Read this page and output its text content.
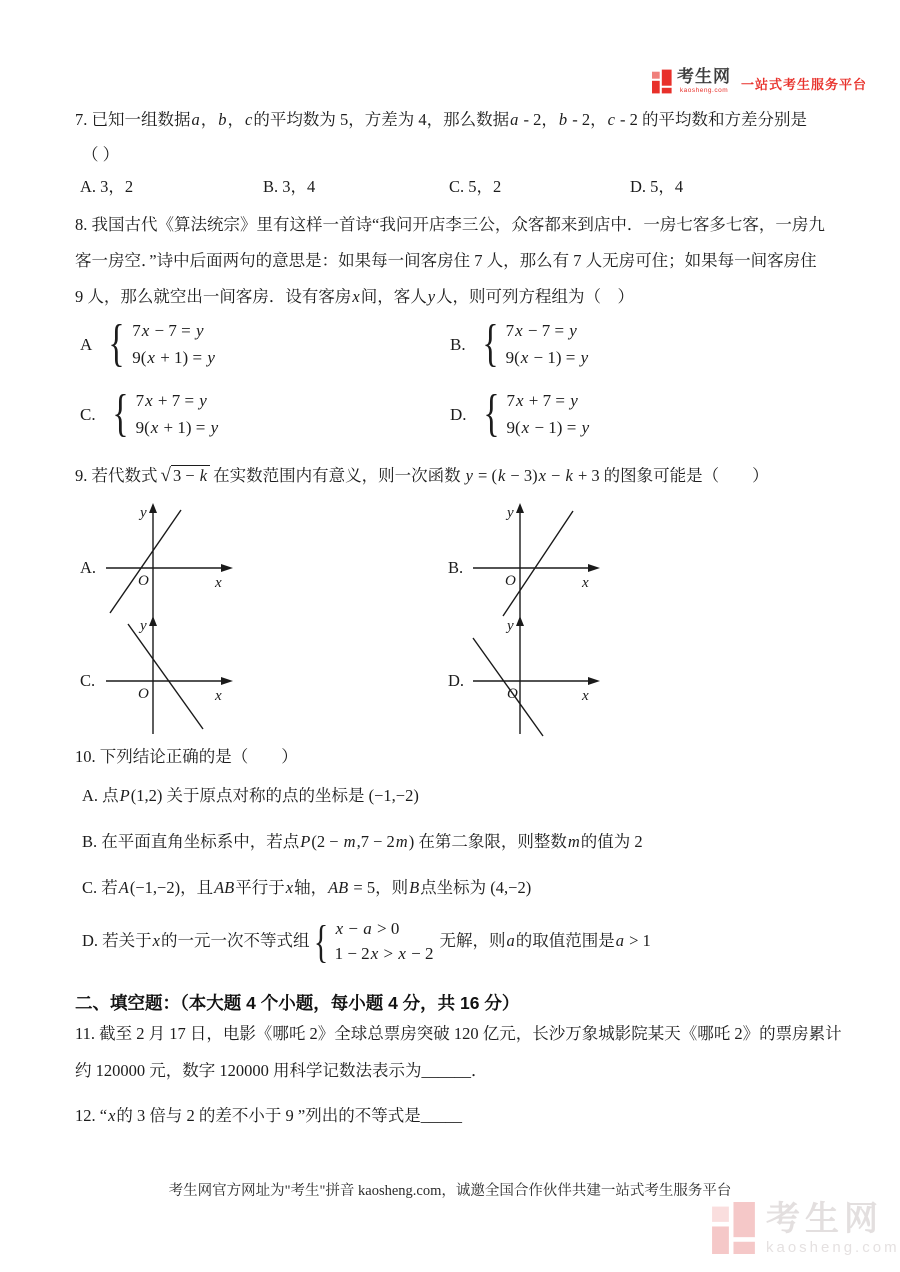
考生网
kaosheng.com 一站式考生服务平台
7. 已知一组数据a，b，c的平均数为 5，方差为 4，那么数据a - 2，b - 2，c - 2 的平均数和方差分别是
（ ）
A. 3，2	B. 3，4	C. 5，2	D. 5，4
8. 我国古代《算法统宗》里有这样一首诗“我问开店李三公，众客都来到店中．一房七客多七客，一房九
客一房空．”诗中后面两句的意思是：如果每一间客房住 7 人，那么有 7 人无房可住；如果每一间客房住
9 人，那么就空出一间客房．设有客房x间，客人y人，则可列方程组为（　）
A { 7x − 7 = y
9(x + 1) = y
B. { 7x − 7 = y
9(x − 1) = y
C. { 7x + 7 = y
9(x + 1) = y
D. { 7x + 7 = y
9(x − 1) = y
9. 若代数式 √ 3 − k 在实数范围内有意义，则一次函数 y = (k − 3)x − k + 3 的图象可能是（　　）
A.
O	x
y
B.
O	x
y
C.
O	x
y
D.
O	x
y
10. 下列结论正确的是（　　）
A. 点P(1,2) 关于原点对称的点的坐标是 (−1,−2)
B. 在平面直角坐标系中，若点P(2 − m,7 − 2m) 在第二象限，则整数m的值为 2
C. 若A(−1,−2)，且AB平行于x轴，AB = 5，则B点坐标为 (4,−2)
D. 若关于x的一元一次不等式组 { x − a > 0
1 − 2x > x − 2
无解，则a的取值范围是a > 1
二、填空题：（本大题 4 个小题，每小题 4 分，共 16 分）
11. 截至 2 月 17 日，电影《哪吒 2》全球总票房突破 120 亿元，长沙万象城影院某天《哪吒 2》的票房累计
约 120000 元，数字 120000 用科学记数法表示为______．
12. “x的 3 倍与 2 的差不小于 9 ”列出的不等式是_____
考生网官方网址为"考生"拼音 kaosheng.com，诚邀全国合作伙伴共建一站式考生服务平台
考生网
kaosheng.com
